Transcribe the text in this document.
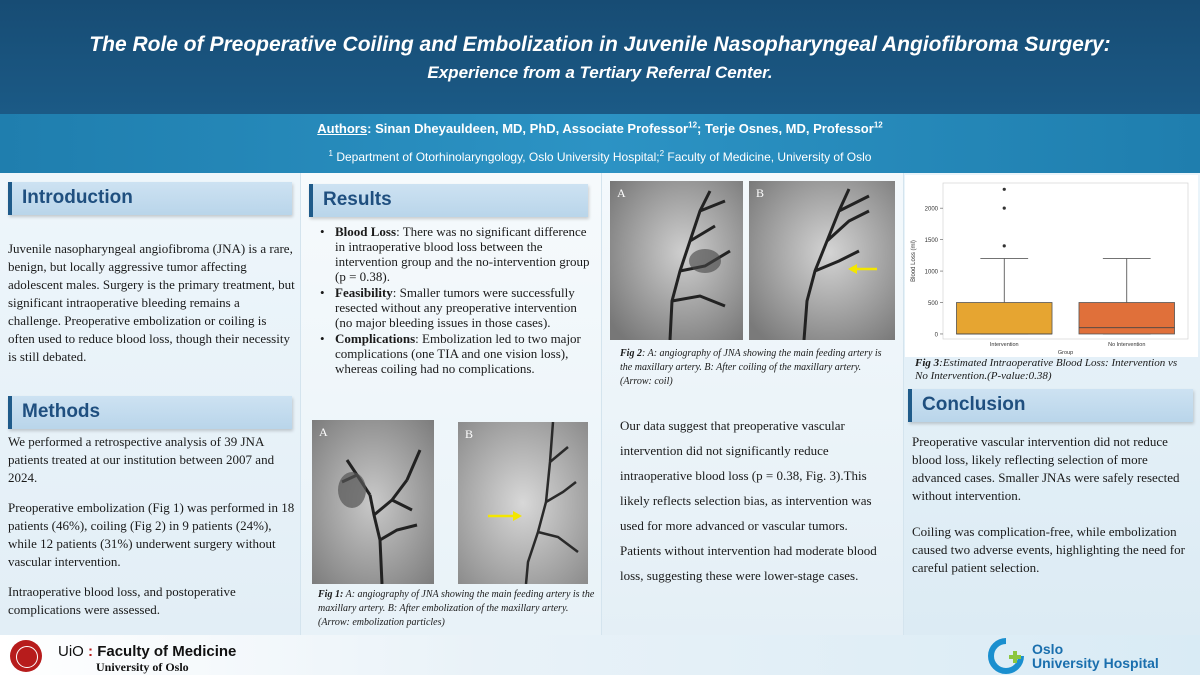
The Role of Preoperative Coiling and Embolization in Juvenile Nasopharyngeal Angiofibroma Surgery:
Experience from a Tertiary Referral Center.
Authors: Sinan Dheyauldeen, MD, PhD, Associate Professor$^{12}$; Terje Osnes, MD, Professor$^{12}$
$^1$ Department of Otorhinolaryngology, Oslo University Hospital;$^2$ Faculty of Medicine, University of Oslo
Introduction

Juvenile nasopharyngeal angiofibroma (JNA) is a rare, benign, but locally aggressive tumor affecting adolescent males. Surgery is the primary treatment, but significant intraoperative bleeding remains a challenge. Preoperative embolization or coiling is often used to reduce blood loss, though their necessity is still debated.

Methods

We performed a retrospective analysis of 39 JNA patients treated at our institution between 2007 and 2024.

Preoperative embolization (Fig 1) was performed in 18 patients (46%), coiling (Fig 2) in 9 patients (24%), while 12 patients (31%) underwent surgery without vascular intervention.

Intraoperative blood loss, and postoperative complications were assessed.

Results
• Blood Loss: There was no significant difference in intraoperative blood loss between the intervention group and the no-intervention group (p = 0.38).
• Feasibility: Smaller tumors were successfully resected without any preoperative intervention (no major bleeding issues in those cases).
• Complications: Embolization led to two major complications (one TIA and one vision loss), whereas coiling had no complications.
A	B
Fig 1: A: angiography of JNA showing the main feeding artery is the maxillary artery. B: After embolization of the maxillary artery. (Arrow: embolization particles)
A	B
Fig 2: A: angiography of JNA showing the main feeding artery is the maxillary artery. B: After coiling of the maxillary artery. (Arrow: coil)

Our data suggest that preoperative vascular intervention did not significantly reduce intraoperative blood loss (p = 0.38, Fig. 3).This likely reflects selection bias, as intervention was used for more advanced or vascular tumors. Patients without intervention had moderate blood loss, suggesting these were lower-stage cases.

0
500
1000
1500
2000
Blood Loss (ml)
Intervention	No Intervention
Group
Fig 3:Estimated Intraoperative Blood Loss: Intervention vs No Intervention.(P-value:0.38)
Conclusion

Preoperative vascular intervention did not reduce blood loss, likely reflecting selection of more advanced cases. Smaller JNAs were safely resected without intervention.

Coiling was complication-free, while embolization caused two adverse events, highlighting the need for careful patient selection.

UiO : Faculty of Medicine
University of Oslo
Oslo
University Hospital
